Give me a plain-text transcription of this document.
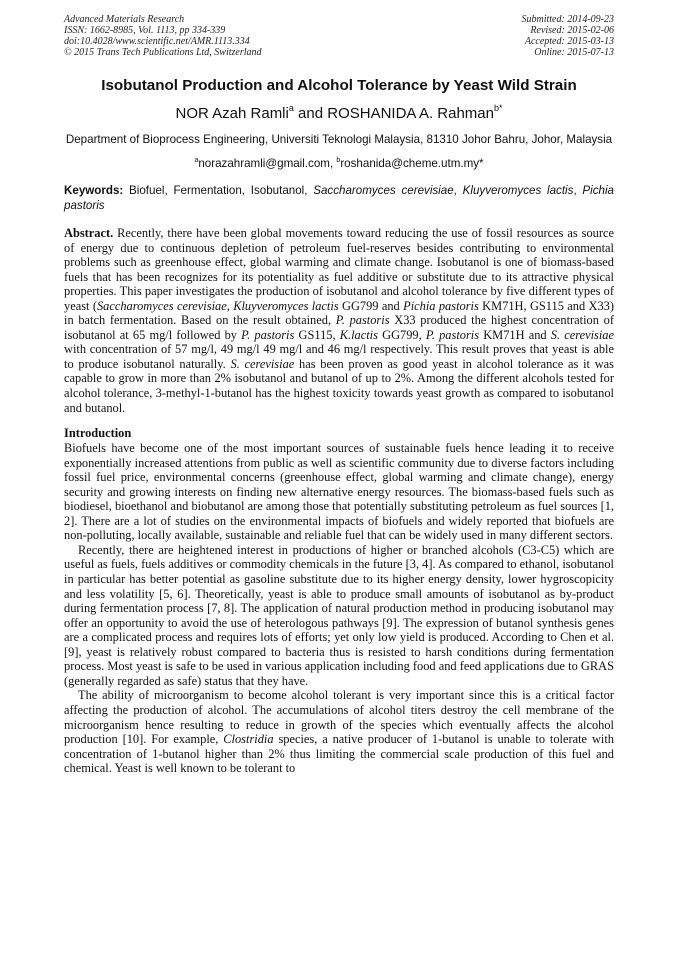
Advanced Materials Research
ISSN: 1662-8985, Vol. 1113, pp 334-339
doi:10.4028/www.scientific.net/AMR.1113.334
© 2015 Trans Tech Publications Ltd, Switzerland
Submitted: 2014-09-23
Revised: 2015-02-06
Accepted: 2015-03-13
Online: 2015-07-13
Isobutanol Production and Alcohol Tolerance by Yeast Wild Strain
NOR Azah Ramli$^a$ and ROSHANIDA A. Rahman$^{b*}$
Department of Bioprocess Engineering, Universiti Teknologi Malaysia, 81310 Johor Bahru, Johor, Malaysia
$^a$norazahramli@gmail.com, $^b$roshanida@cheme.utm.my*
Keywords: Biofuel, Fermentation, Isobutanol, Saccharomyces cerevisiae, Kluyveromyces lactis, Pichia pastoris
Abstract. Recently, there have been global movements toward reducing the use of fossil resources as source of energy due to continuous depletion of petroleum fuel-reserves besides contributing to environmental problems such as greenhouse effect, global warming and climate change. Isobutanol is one of biomass-based fuels that has been recognizes for its potentiality as fuel additive or substitute due to its attractive physical properties. This paper investigates the production of isobutanol and alcohol tolerance by five different types of yeast (Saccharomyces cerevisiae, Kluyveromyces lactis GG799 and Pichia pastoris KM71H, GS115 and X33) in batch fermentation. Based on the result obtained, P. pastoris X33 produced the highest concentration of isobutanol at 65 mg/l followed by P. pastoris GS115, K.lactis GG799, P. pastoris KM71H and S. cerevisiae with concentration of 57 mg/l, 49 mg/l 49 mg/l and 46 mg/l respectively. This result proves that yeast is able to produce isobutanol naturally. S. cerevisiae has been proven as good yeast in alcohol tolerance as it was capable to grow in more than 2% isobutanol and butanol of up to 2%. Among the different alcohols tested for alcohol tolerance, 3-methyl-1-butanol has the highest toxicity towards yeast growth as compared to isobutanol and butanol.
Introduction

Biofuels have become one of the most important sources of sustainable fuels hence leading it to receive exponentially increased attentions from public as well as scientific community due to diverse factors including fossil fuel price, environmental concerns (greenhouse effect, global warming and climate change), energy security and growing interests on finding new alternative energy resources. The biomass-based fuels such as biodiesel, bioethanol and biobutanol are among those that potentially substituting petroleum as fuel sources [1, 2]. There are a lot of studies on the environmental impacts of biofuels and widely reported that biofuels are non-polluting, locally available, sustainable and reliable fuel that can be widely used in many different sectors.

Recently, there are heightened interest in productions of higher or branched alcohols (C3-C5) which are useful as fuels, fuels additives or commodity chemicals in the future [3, 4]. As compared to ethanol, isobutanol in particular has better potential as gasoline substitute due to its higher energy density, lower hygroscopicity and less volatility [5, 6]. Theoretically, yeast is able to produce small amounts of isobutanol as by-product during fermentation process [7, 8]. The application of natural production method in producing isobutanol may offer an opportunity to avoid the use of heterologous pathways [9]. The expression of butanol synthesis genes are a complicated process and requires lots of efforts; yet only low yield is produced. According to Chen et al. [9], yeast is relatively robust compared to bacteria thus is resisted to harsh conditions during fermentation process. Most yeast is safe to be used in various application including food and feed applications due to GRAS (generally regarded as safe) status that they have.

The ability of microorganism to become alcohol tolerant is very important since this is a critical factor affecting the production of alcohol. The accumulations of alcohol titers destroy the cell membrane of the microorganism hence resulting to reduce in growth of the species which eventually affects the alcohol production [10]. For example, Clostridia species, a native producer of 1-butanol is unable to tolerate with concentration of 1-butanol higher than 2% thus limiting the commercial scale production of this fuel and chemical. Yeast is well known to be tolerant to
